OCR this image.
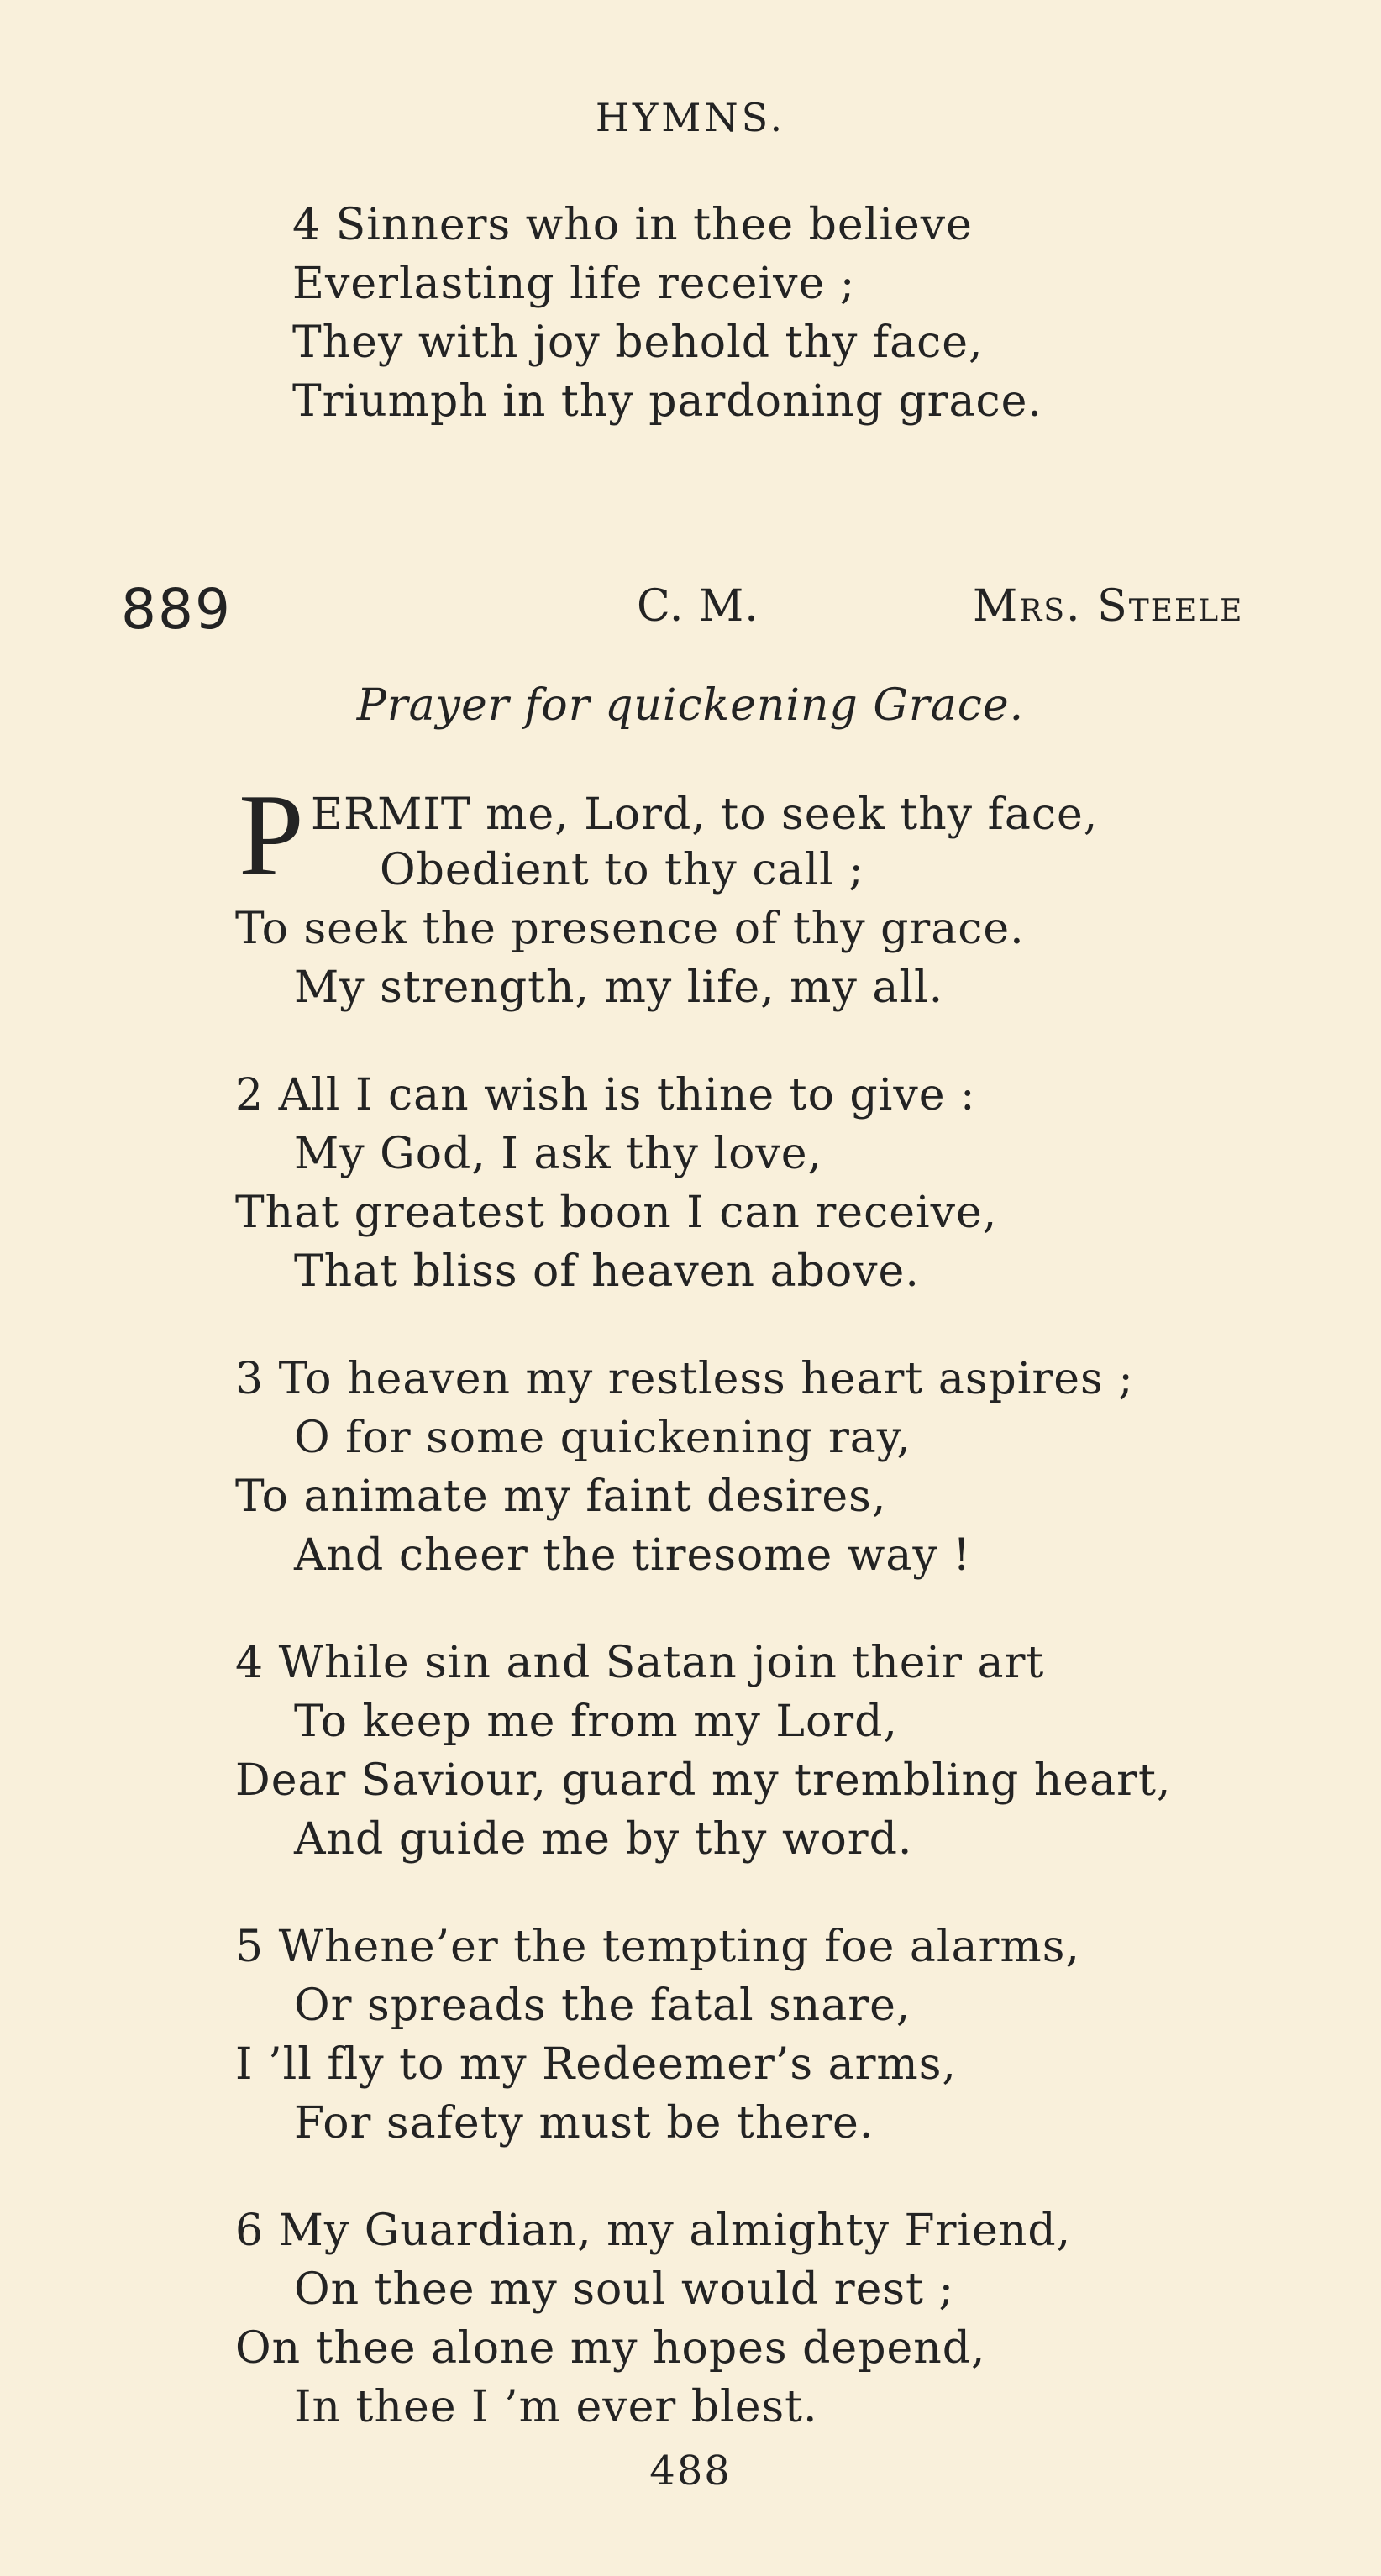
HYMNS.
4 Sinners who in thee believe
Everlasting life receive ;
They with joy behold thy face,
Triumph in thy pardoning grace.
889	C. M.	Mrs. Steele
Prayer for quickening Grace.
P ERMIT me, Lord, to seek thy face,
Obedient to thy call ;
To seek the presence of thy grace.
My strength, my life, my all.
2 All I can wish is thine to give :
My God, I ask thy love,
That greatest boon I can receive,
That bliss of heaven above.
3 To heaven my restless heart aspires ;
O for some quickening ray,
To animate my faint desires,
And cheer the tiresome way !
4 While sin and Satan join their art
To keep me from my Lord,
Dear Saviour, guard my trembling heart,
And guide me by thy word.
5 Whene’er the tempting foe alarms,
Or spreads the fatal snare,
I ’ll fly to my Redeemer’s arms,
For safety must be there.
6 My Guardian, my almighty Friend,
On thee my soul would rest ;
On thee alone my hopes depend,
In thee I ’m ever blest.
488
